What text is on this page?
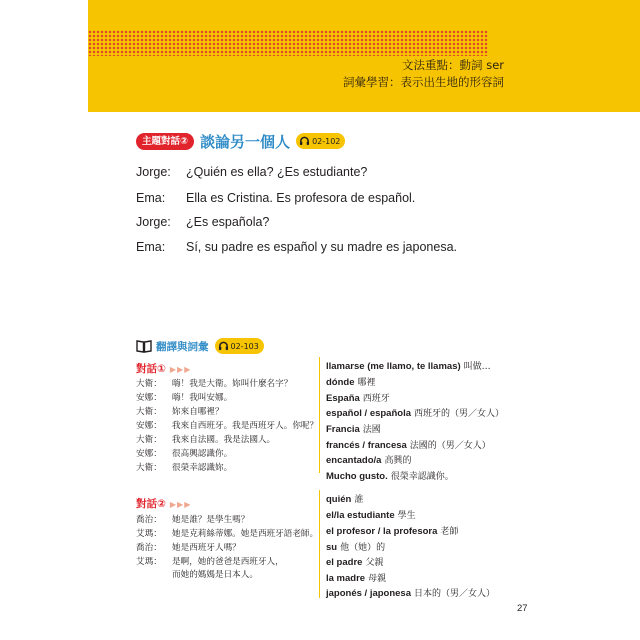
文法重點：動詞 ser
詞彙學習：表示出生地的形容詞
主題對話② 談論另一個人	02-102
Jorge: ¿Quién es ella? ¿Es estudiante?
Ema: Ella es Cristina. Es profesora de español.
Jorge: ¿Es española?
Ema: Sí, su padre es español y su madre es japonesa.
翻譯與詞彙	02-103
對話① ▶▶▶
大衛： 嗨！我是大衛。妳叫什麼名字？
安娜： 嗨！我叫安娜。
大衛： 妳來自哪裡？
安娜： 我來自西班牙。我是西班牙人。你呢？
大衛： 我來自法國。我是法國人。
安娜： 很高興認識你。
大衛： 很榮幸認識妳。
對話② ▶▶▶
喬治： 她是誰？是學生嗎？
艾瑪： 她是克莉絲蒂娜。她是西班牙語老師。
喬治： 她是西班牙人嗎？
艾瑪： 是啊，她的爸爸是西班牙人，
而她的媽媽是日本人。
llamarse (me llamo, te llamas) 叫做…
dónde 哪裡
España 西班牙
español / española 西班牙的（男／女人）
Francia 法國
francés / francesa 法國的（男／女人）
encantado/a 高興的
Mucho gusto. 很榮幸認識你。
quién 誰
el/la estudiante 學生
el profesor / la profesora 老師
su 他（她）的
el padre 父親
la madre 母親
japonés / japonesa 日本的（男／女人）
27
